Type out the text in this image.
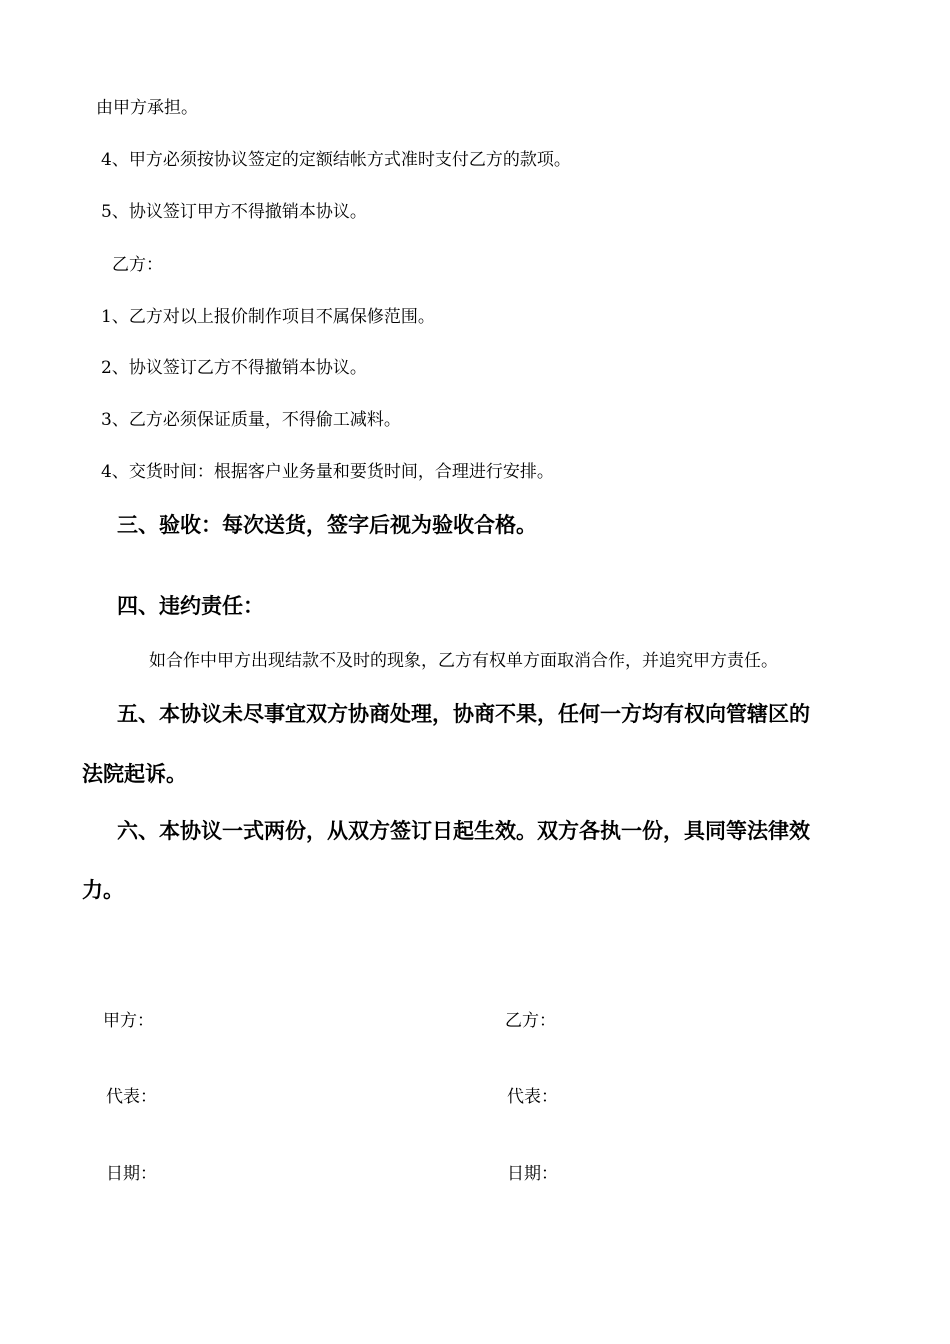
由甲方承担。
4、甲方必须按协议签定的定额结帐方式准时支付乙方的款项。
5、协议签订甲方不得撤销本协议。
乙方：
1、乙方对以上报价制作项目不属保修范围。
2、协议签订乙方不得撤销本协议。
3、乙方必须保证质量，不得偷工减料。
4、交货时间：根据客户业务量和要货时间，合理进行安排。
三、验收：每次送货，签字后视为验收合格。
四、违约责任：
如合作中甲方出现结款不及时的现象，乙方有权单方面取消合作，并追究甲方责任。
五、本协议未尽事宜双方协商处理，协商不果，任何一方均有权向管辖区的
法院起诉。
六、本协议一式两份，从双方签订日起生效。双方各执一份，具同等法律效
力。
甲方：
代表：
日期：
乙方：
代表：
日期：
